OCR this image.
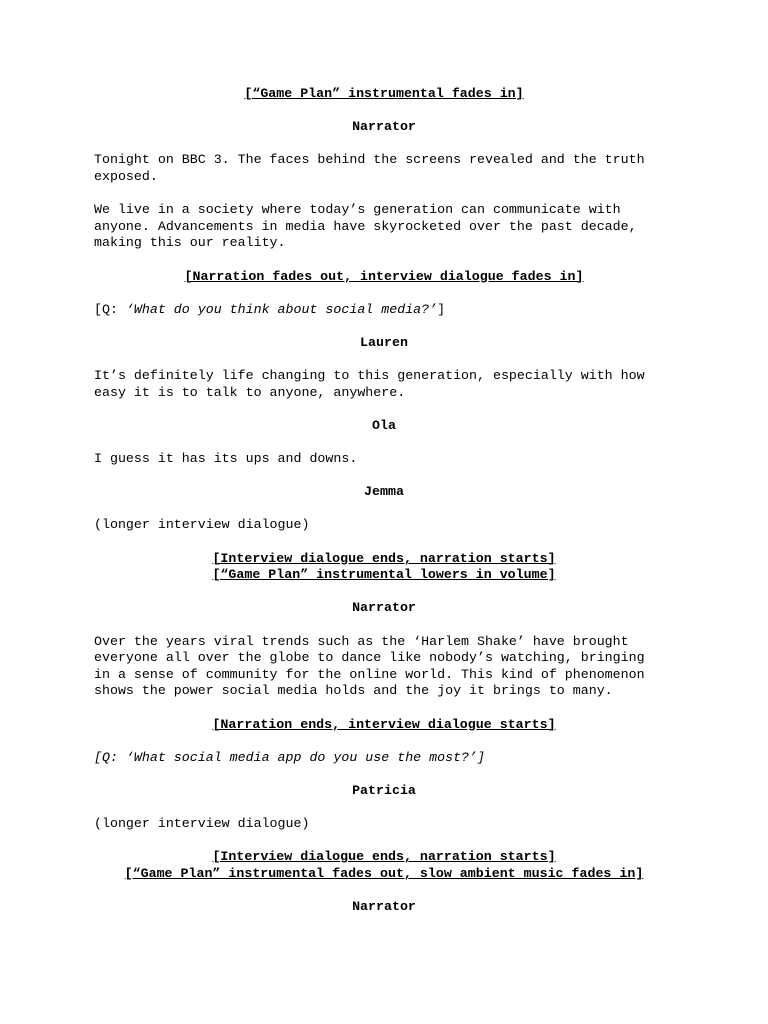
[“Game Plan” instrumental fades in]

Narrator

Tonight on BBC 3. The faces behind the screens revealed and the truth

exposed.

We live in a society where today’s generation can communicate with

anyone. Advancements in media have skyrocketed over the past decade,

making this our reality.

[Narration fades out, interview dialogue fades in]

[Q: ‘What do you think about social media?’]

Lauren

It’s definitely life changing to this generation, especially with how

easy it is to talk to anyone, anywhere.

Ola

I guess it has its ups and downs.

Jemma

(longer interview dialogue)

[Interview dialogue ends, narration starts]

[“Game Plan” instrumental lowers in volume]

Narrator

Over the years viral trends such as the ‘Harlem Shake’ have brought

everyone all over the globe to dance like nobody’s watching, bringing

in a sense of community for the online world. This kind of phenomenon

shows the power social media holds and the joy it brings to many.

[Narration ends, interview dialogue starts]

[Q: ‘What social media app do you use the most?’]

Patricia

(longer interview dialogue)

[Interview dialogue ends, narration starts]

[“Game Plan” instrumental fades out, slow ambient music fades in]

Narrator
